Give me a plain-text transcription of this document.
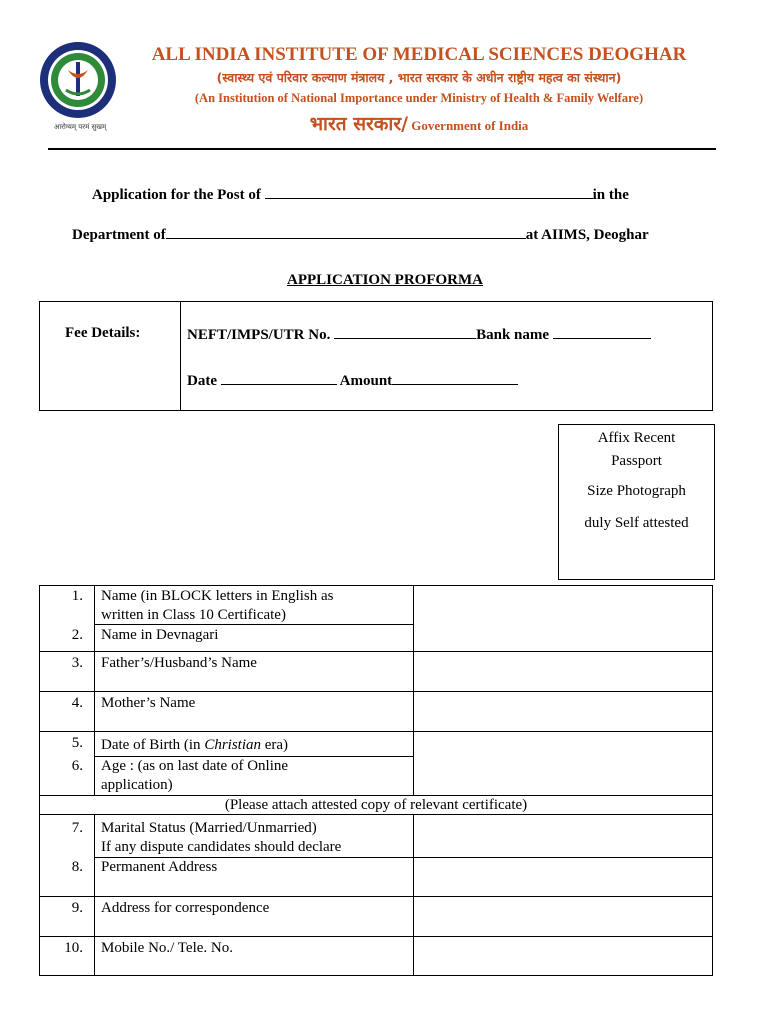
आरोग्यम् परमं सुखम्
ALL INDIA INSTITUTE OF MEDICAL SCIENCES DEOGHAR
(स्वास्थ्य एवं परिवार कल्याण मंत्रालय , भारत सरकार के अधीन राष्ट्रीय महत्व का संस्थान)
(An Institution of National Importance under Ministry of Health & Family Welfare)
भारत सरकार/ Government of India
Application for the Post of	in the
Department of	at AIIMS, Deoghar
APPLICATION PROFORMA
Fee Details:	NEFT/IMPS/UTR No.	Bank name
Date	Amount
Affix Recent
Passport
Size Photograph
duly Self attested
1. Name (in BLOCK letters in English as
written in Class 10 Certificate)
2. Name in Devnagari
3. Father’s/Husband’s Name
4. Mother’s Name
5. Date of Birth (in Christian era)
6. Age : (as on last date of Online
application)
(Please attach attested copy of relevant certificate)
7. Marital Status (Married/Unmarried)
If any dispute candidates should declare
8. Permanent Address
9. Address for correspondence
10. Mobile No./ Tele. No.
